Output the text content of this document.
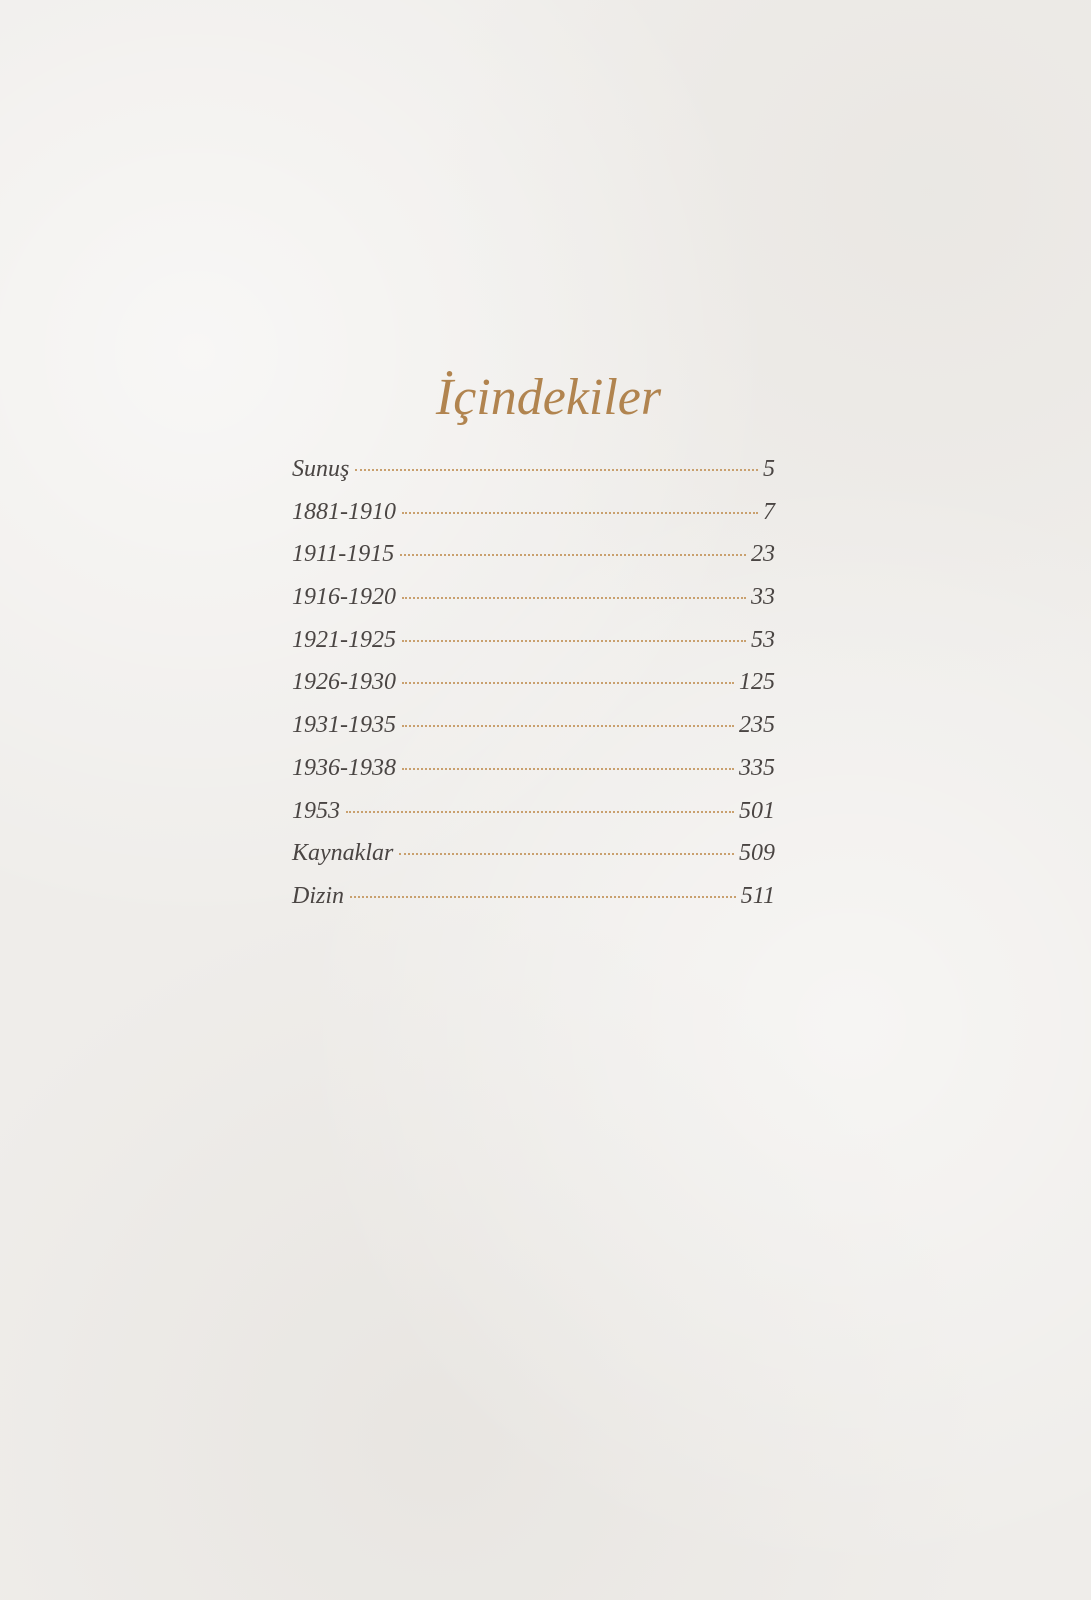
İçindekiler
Sunuş	5
1881-1910	7
1911-1915	23
1916-1920	33
1921-1925	53
1926-1930	125
1931-1935	235
1936-1938	335
1953	501
Kaynaklar	509
Dizin	511
